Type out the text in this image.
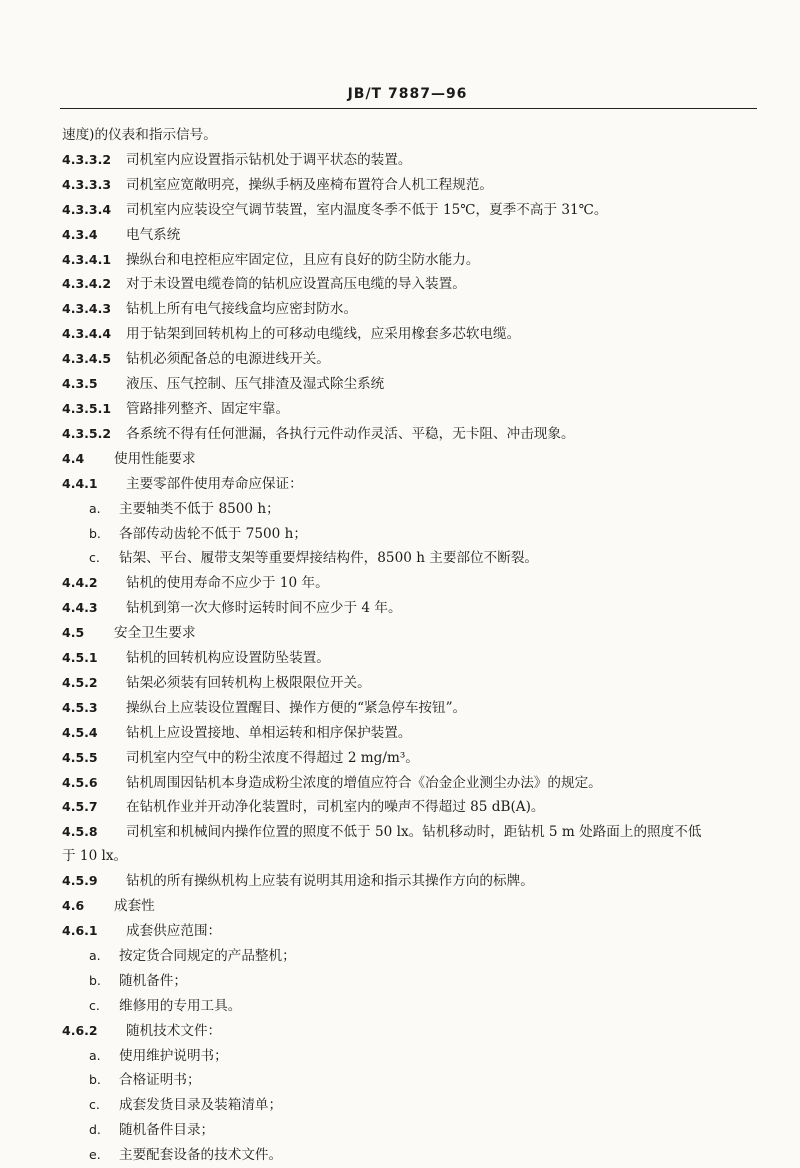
JB/T 7887—96
速度)的仪表和指示信号。
4.3.3.2 司机室内应设置指示钻机处于调平状态的装置。
4.3.3.3 司机室应宽敞明亮，操纵手柄及座椅布置符合人机工程规范。
4.3.3.4 司机室内应装设空气调节装置，室内温度冬季不低于 15℃，夏季不高于 31℃。
4.3.4 电气系统
4.3.4.1 操纵台和电控柜应牢固定位，且应有良好的防尘防水能力。
4.3.4.2 对于未设置电缆卷筒的钻机应设置高压电缆的导入装置。
4.3.4.3 钻机上所有电气接线盒均应密封防水。
4.3.4.4 用于钻架到回转机构上的可移动电缆线，应采用橡套多芯软电缆。
4.3.4.5 钻机必须配备总的电源进线开关。
4.3.5 液压、压气控制、压气排渣及湿式除尘系统
4.3.5.1 管路排列整齐、固定牢靠。
4.3.5.2 各系统不得有任何泄漏，各执行元件动作灵活、平稳，无卡阻、冲击现象。
4.4 使用性能要求
4.4.1 主要零部件使用寿命应保证：
a. 主要轴类不低于 8500 h；
b. 各部传动齿轮不低于 7500 h；
c. 钻架、平台、履带支架等重要焊接结构件，8500 h 主要部位不断裂。
4.4.2 钻机的使用寿命不应少于 10 年。
4.4.3 钻机到第一次大修时运转时间不应少于 4 年。
4.5 安全卫生要求
4.5.1 钻机的回转机构应设置防坠装置。
4.5.2 钻架必须装有回转机构上极限限位开关。
4.5.3 操纵台上应装设位置醒目、操作方便的“紧急停车按钮”。
4.5.4 钻机上应设置接地、单相运转和相序保护装置。
4.5.5 司机室内空气中的粉尘浓度不得超过 2 mg/m³。
4.5.6 钻机周围因钻机本身造成粉尘浓度的增值应符合《冶金企业测尘办法》的规定。
4.5.7 在钻机作业并开动净化装置时，司机室内的噪声不得超过 85 dB(A)。
4.5.8 司机室和机械间内操作位置的照度不低于 50 lx。钻机移动时，距钻机 5 m 处路面上的照度不低
于 10 lx。
4.5.9 钻机的所有操纵机构上应装有说明其用途和指示其操作方向的标牌。
4.6 成套性
4.6.1 成套供应范围：
a. 按定货合同规定的产品整机；
b. 随机备件；
c. 维修用的专用工具。
4.6.2 随机技术文件：
a. 使用维护说明书；
b. 合格证明书；
c. 成套发货目录及装箱清单；
d. 随机备件目录；
e. 主要配套设备的技术文件。
